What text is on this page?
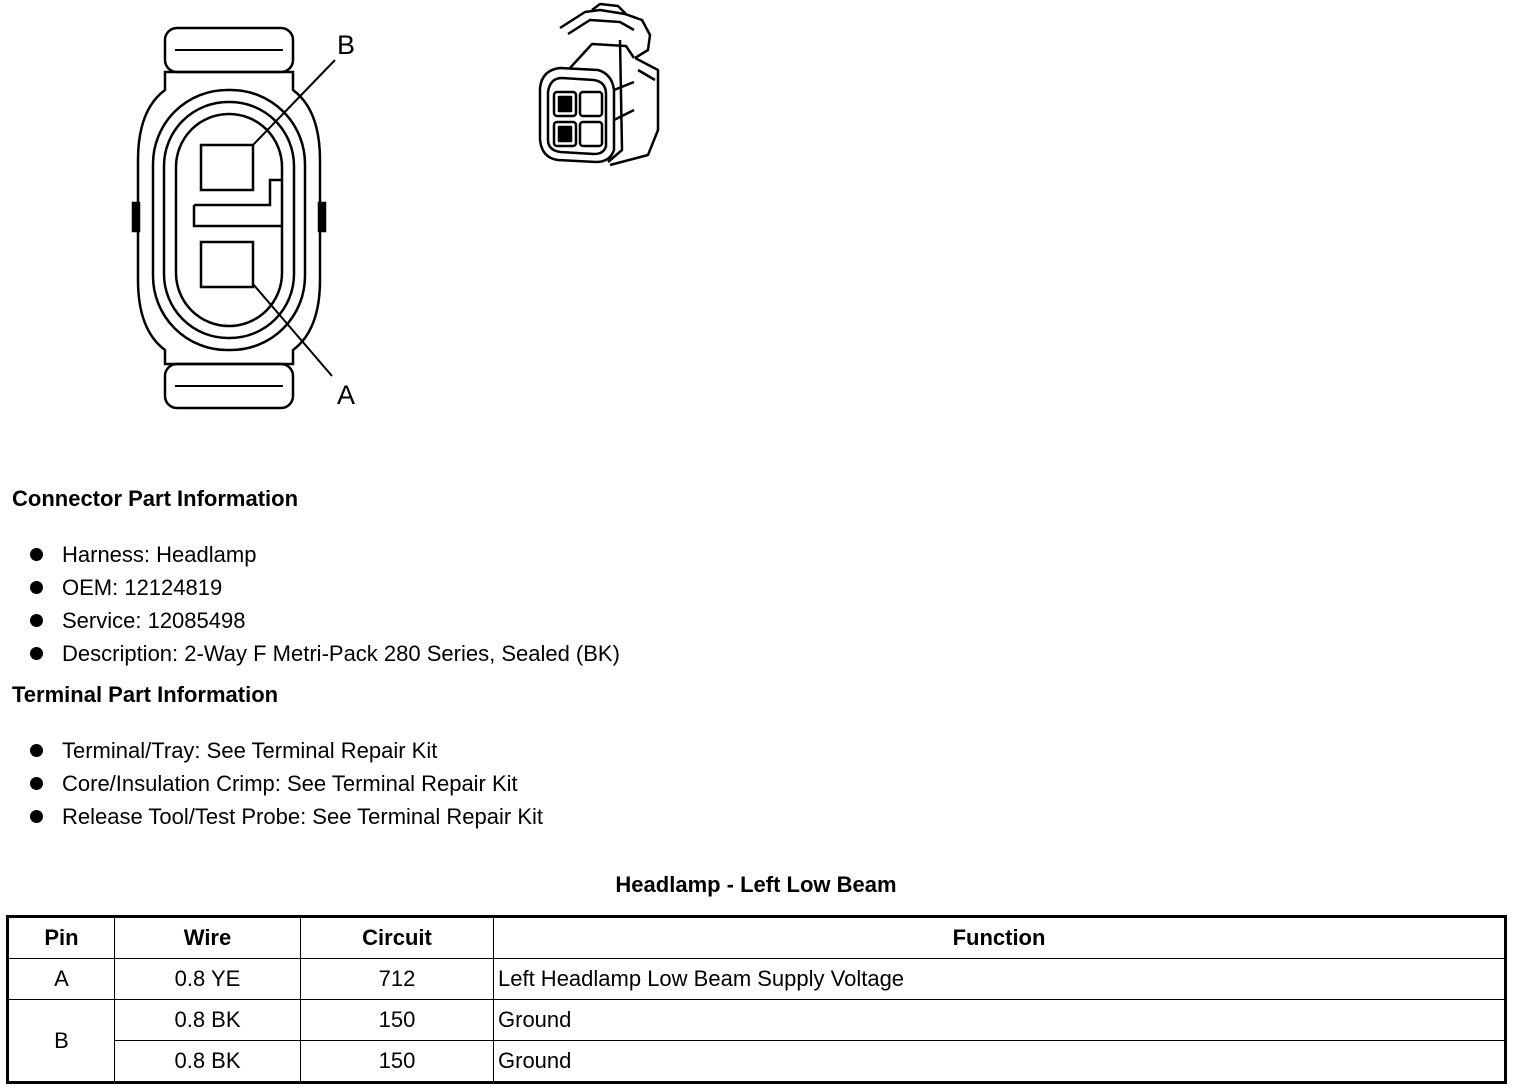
B
A
Connector Part Information
Harness: Headlamp
OEM: 12124819
Service: 12085498
Description: 2-Way F Metri-Pack 280 Series, Sealed (BK)
Terminal Part Information
Terminal/Tray: See Terminal Repair Kit
Core/Insulation Crimp: See Terminal Repair Kit
Release Tool/Test Probe: See Terminal Repair Kit
Headlamp - Left Low Beam
Pin	Wire	Circuit	Function
A	0.8 YE	712	Left Headlamp Low Beam Supply Voltage
B	0.8 BK	150	Ground
	0.8 BK	150	Ground
